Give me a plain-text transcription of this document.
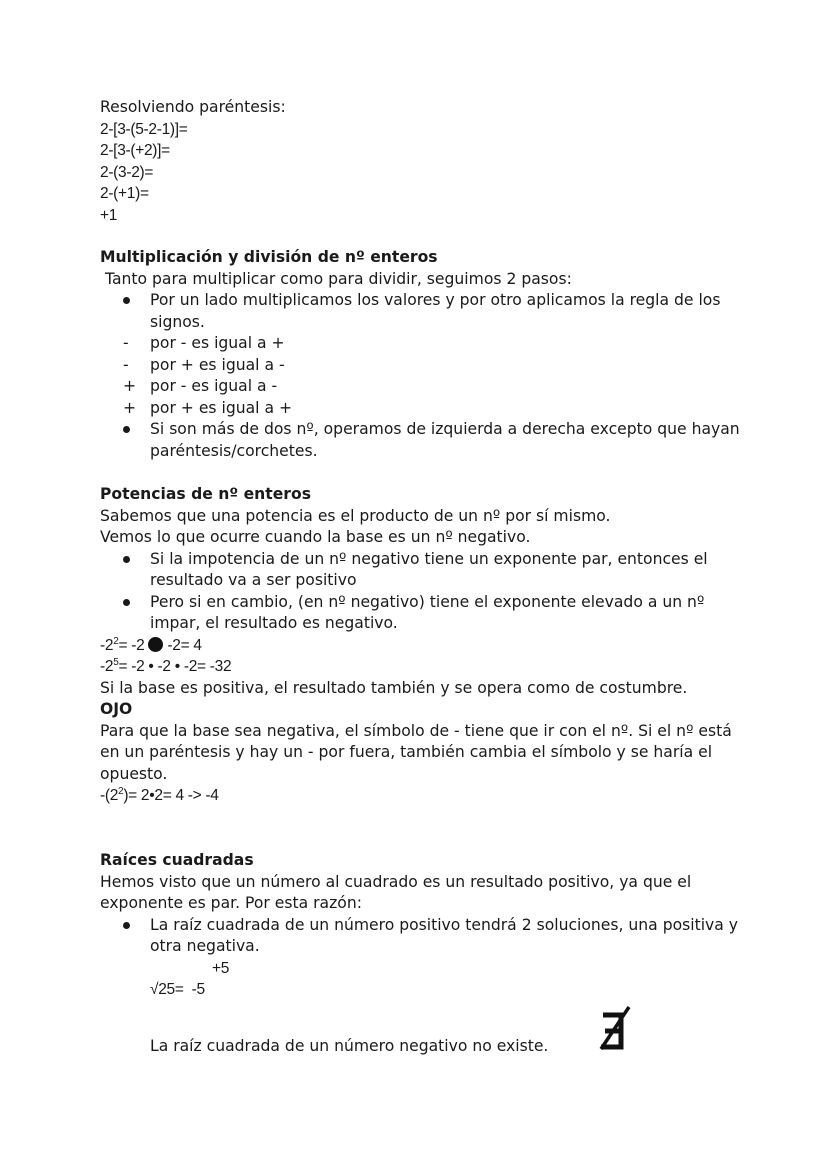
Resolviendo paréntesis:
2-[3-(5-2-1)]=
2-[3-(+2)]=
2-(3-2)=
2-(+1)=
+1
Multiplicación y división de nº enteros
Tanto para multiplicar como para dividir, seguimos 2 pasos:
Por un lado multiplicamos los valores y por otro aplicamos la regla de los signos.
- por - es igual a +
- por + es igual a -
+ por - es igual a -
+ por + es igual a +
Si son más de dos nº, operamos de izquierda a derecha excepto que hayan paréntesis/corchetes.
Potencias de nº enteros
Sabemos que una potencia es el producto de un nº por sí mismo.
Vemos lo que ocurre cuando la base es un nº negativo.
Si la impotencia de un nº negativo tiene un exponente par, entonces el resultado va a ser positivo
Pero si en cambio, (en nº negativo) tiene el exponente elevado a un nº impar, el resultado es negativo.
$-2^2= -2$ -2= 4
$-2^5= -2$ • -2 • -2= -32
Si la base es positiva, el resultado también y se opera como de costumbre.
OJO
Para que la base sea negativa, el símbolo de - tiene que ir con el nº. Si el nº está en un paréntesis y hay un - por fuera, también cambia el símbolo y se haría el opuesto.
$-(2^2)=$ 2•2= 4 -> -4
Raíces cuadradas
Hemos visto que un número al cuadrado es un resultado positivo, ya que el exponente es par. Por esta razón:
La raíz cuadrada de un número positivo tendrá 2 soluciones, una positiva y otra negativa.
+5
√25= -5
La raíz cuadrada de un número negativo no existe.
